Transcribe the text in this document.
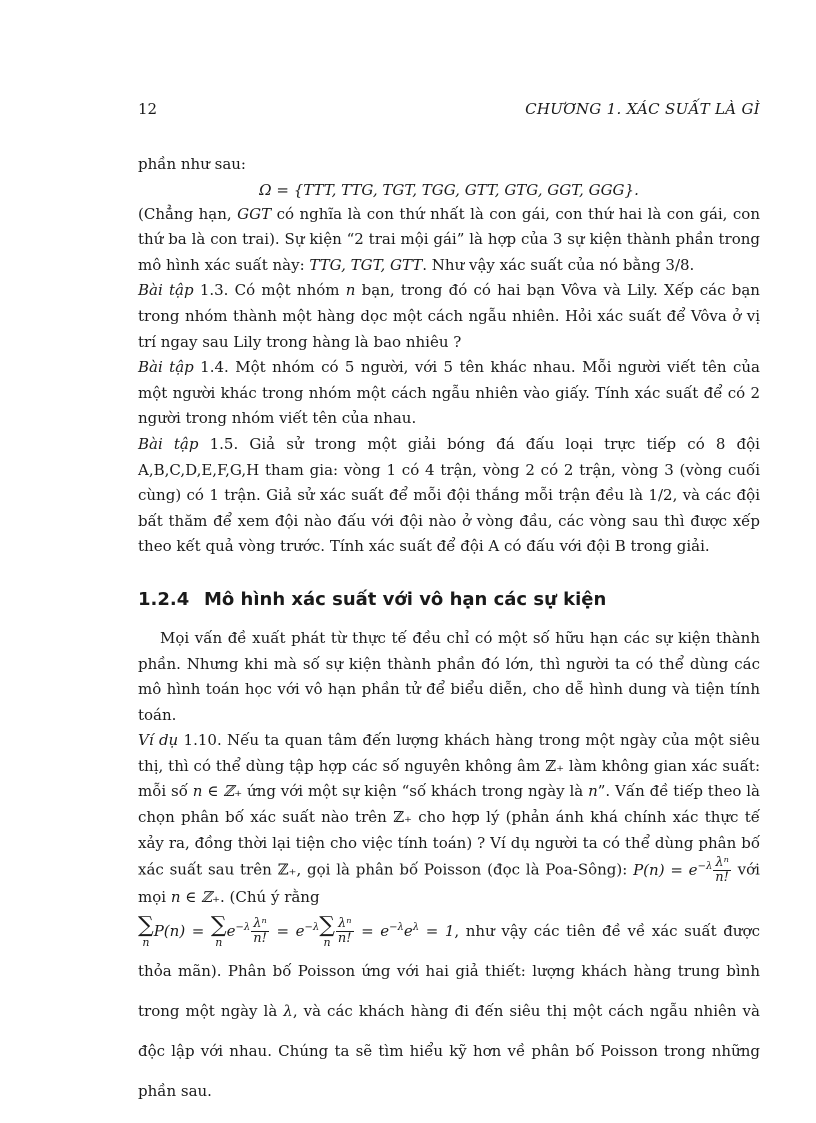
12	CHƯƠNG 1. XÁC SUẤT LÀ GÌ

phần như sau:

Ω = {TTT, TTG, TGT, TGG, GTT, GTG, GGT, GGG}.

(Chẳng hạn, GGT có nghĩa là con thứ nhất là con gái, con thứ hai là con gái, con thứ ba là con trai). Sự kiện “2 trai mội gái” là hợp của 3 sự kiện thành phần trong mô hình xác suất này: TTG, TGT, GTT. Như vậy xác suất của nó bằng 3/8.

Bài tập 1.3. Có một nhóm n bạn, trong đó có hai bạn Vôva và Lily. Xếp các bạn trong nhóm thành một hàng dọc một cách ngẫu nhiên. Hỏi xác suất để Vôva ở vị trí ngay sau Lily trong hàng là bao nhiêu ?

Bài tập 1.4. Một nhóm có 5 người, với 5 tên khác nhau. Mỗi người viết tên của một người khác trong nhóm một cách ngẫu nhiên vào giấy. Tính xác suất để có 2 người trong nhóm viết tên của nhau.

Bài tập 1.5. Giả sử trong một giải bóng đá đấu loại trực tiếp có 8 đội A,B,C,D,E,F,G,H tham gia: vòng 1 có 4 trận, vòng 2 có 2 trận, vòng 3 (vòng cuối cùng) có 1 trận. Giả sử xác suất để mỗi đội thắng mỗi trận đều là 1/2, và các đội bất thăm để xem đội nào đấu với đội nào ở vòng đầu, các vòng sau thì được xếp theo kết quả vòng trước. Tính xác suất để đội A có đấu với đội B trong giải.

1.2.4 Mô hình xác suất với vô hạn các sự kiện

Mọi vấn đề xuất phát từ thực tế đều chỉ có một số hữu hạn các sự kiện thành phần. Nhưng khi mà số sự kiện thành phần đó lớn, thì người ta có thể dùng các mô hình toán học với vô hạn phần tử để biểu diễn, cho dễ hình dung và tiện tính toán.

Ví dụ 1.10. Nếu ta quan tâm đến lượng khách hàng trong một ngày của một siêu thị, thì có thể dùng tập hợp các số nguyên không âm ℤ₊ làm không gian xác suất: mỗi số n ∈ ℤ₊ ứng với một sự kiện “số khách trong ngày là n”. Vấn đề tiếp theo là chọn phân bố xác suất nào trên ℤ₊ cho hợp lý (phản ánh khá chính xác thực tế xảy ra, đồng thời lại tiện cho việc tính toán) ? Ví dụ người ta có thể dùng phân bố xác suất sau trên ℤ₊, gọi là phân bố Poisson (đọc là Poa-Sông): $P(n) = e^{-\lambda} \frac{\text{λⁿ}}{n!}$ với mọi n ∈ ℤ₊. (Chú ý rằng

∑
n
P(n) = ∑
n
$e^{-\lambda} \frac{\text{λⁿ}}{n!} = e^{-\lambda}$ ∑
n $\frac{\text{λⁿ}}{n!} = e^{-\lambda}e^\lambda = 1$, như vậy các tiên đề về xác suất được thỏa mãn). Phân bố Poisson ứng với hai giả thiết: lượng khách hàng trung bình trong một ngày là λ, và các khách hàng đi đến siêu thị một cách ngẫu nhiên và độc lập với nhau. Chúng ta sẽ tìm hiểu kỹ hơn về phân bố Poisson trong những phần sau.
